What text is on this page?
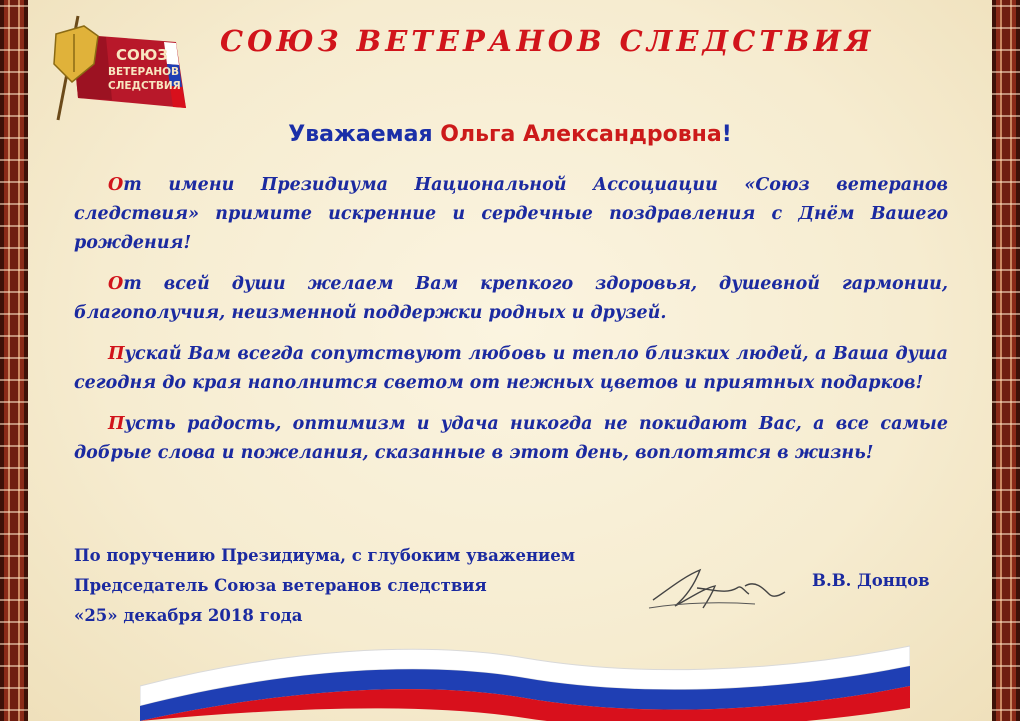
СОЮЗ
ВЕТЕРАНОВ
СЛЕДСТВИЯ
СОЮЗ ВЕТЕРАНОВ СЛЕДСТВИЯ

Уважаемая Ольга Александровна!

От имени Президиума Национальной Ассоциации «Союз ветеранов следствия» примите искренние и сердечные поздравления с Днём Вашего рождения!

От всей души желаем Вам крепкого здоровья, душевной гармонии, благополучия, неизменной поддержки родных и друзей.

Пускай Вам всегда сопутствуют любовь и тепло близких людей, а Ваша душа сегодня до края наполнится светом от нежных цветов и приятных подарков!

Пусть радость, оптимизм и удача никогда не покидают Вас, а все самые добрые слова и пожелания, сказанные в этот день, воплотятся в жизнь!

По поручению Президиума, с глубоким уважением

Председатель Союза ветеранов следствия

«25» декабря 2018 года

В.В. Донцов
